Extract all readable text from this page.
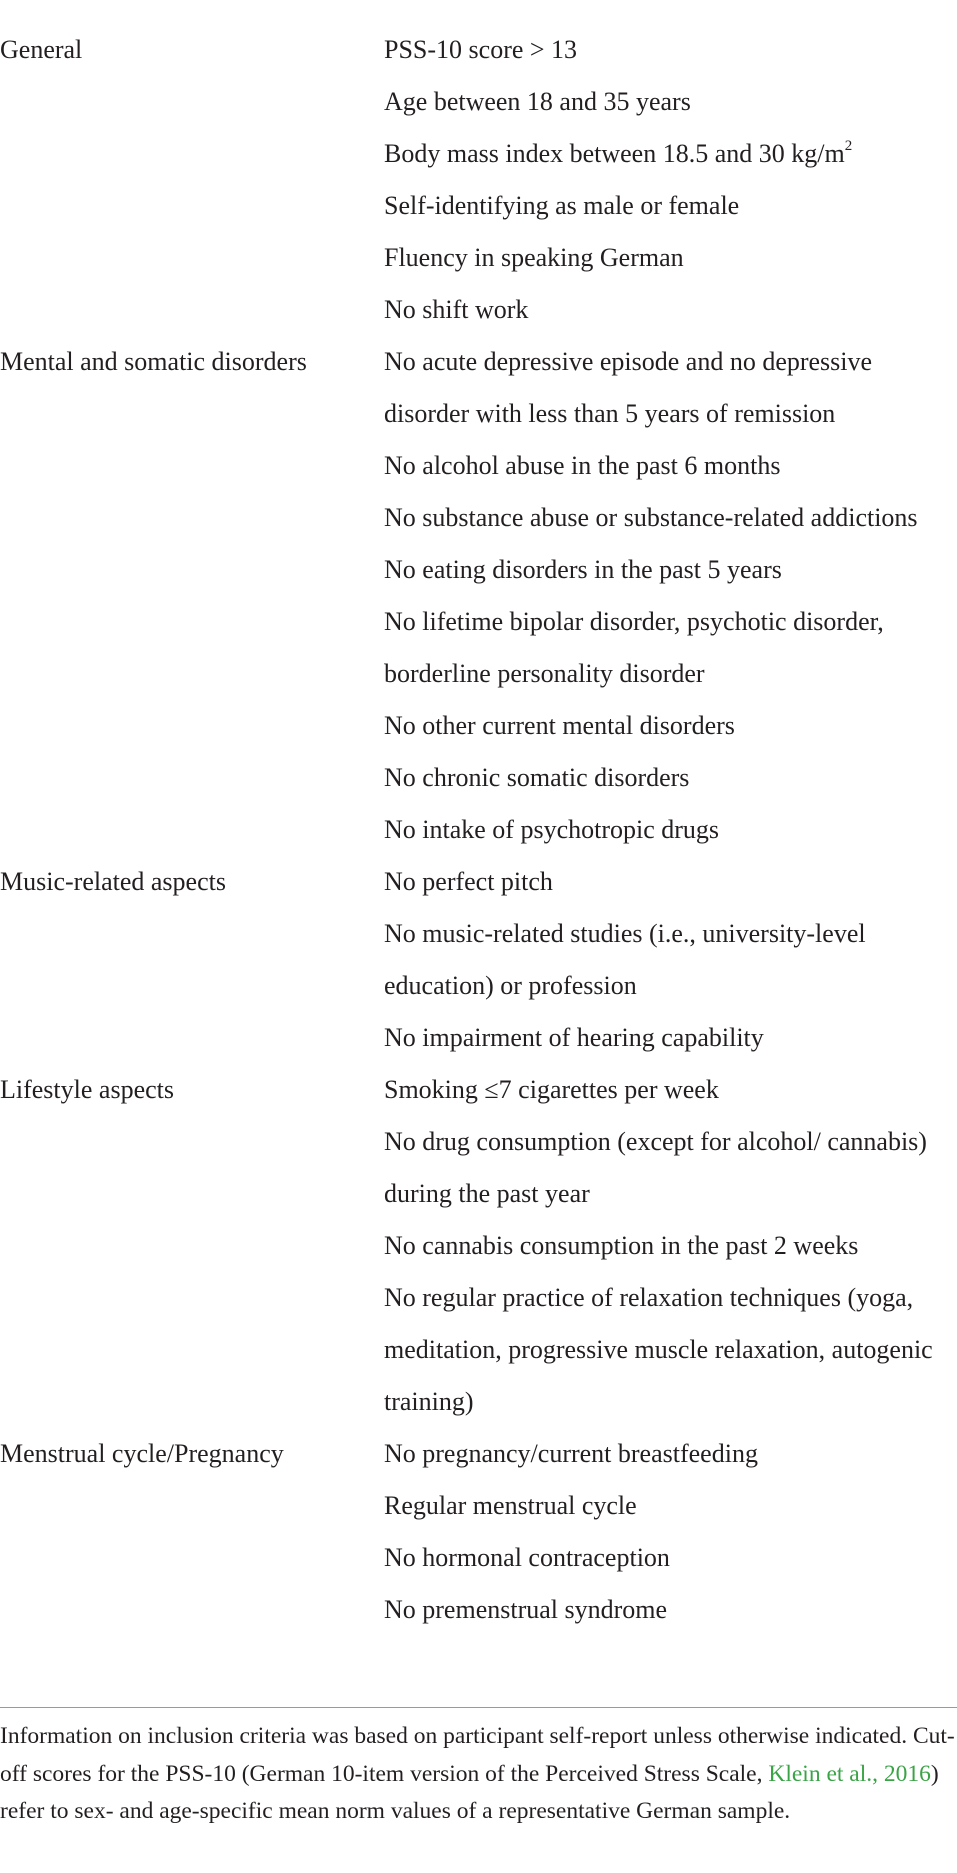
General	PSS-10 score > 13
Age between 18 and 35 years
Body mass index between 18.5 and 30 $kg/m^2$
Self-identifying as male or female
Fluency in speaking German
No shift work
Mental and somatic disorders	No acute depressive episode and no depressive disorder with less than 5 years of remission
No alcohol abuse in the past 6 months
No substance abuse or substance-related addictions
No eating disorders in the past 5 years
No lifetime bipolar disorder, psychotic disorder, borderline personality disorder
No other current mental disorders
No chronic somatic disorders
No intake of psychotropic drugs
Music-related aspects	No perfect pitch
No music-related studies (i.e., university-level education) or profession
No impairment of hearing capability
Lifestyle aspects	Smoking ≤7 cigarettes per week
No drug consumption (except for alcohol/ cannabis) during the past year
No cannabis consumption in the past 2 weeks
No regular practice of relaxation techniques (yoga, meditation, progressive muscle relaxation, autogenic training)
Menstrual cycle/Pregnancy	No pregnancy/current breastfeeding
Regular menstrual cycle
No hormonal contraception
No premenstrual syndrome
Information on inclusion criteria was based on participant self-report unless otherwise indicated. Cut-off scores for the PSS-10 (German 10-item version of the Perceived Stress Scale, Klein et al., 2016) refer to sex- and age-specific mean norm values of a representative German sample.
